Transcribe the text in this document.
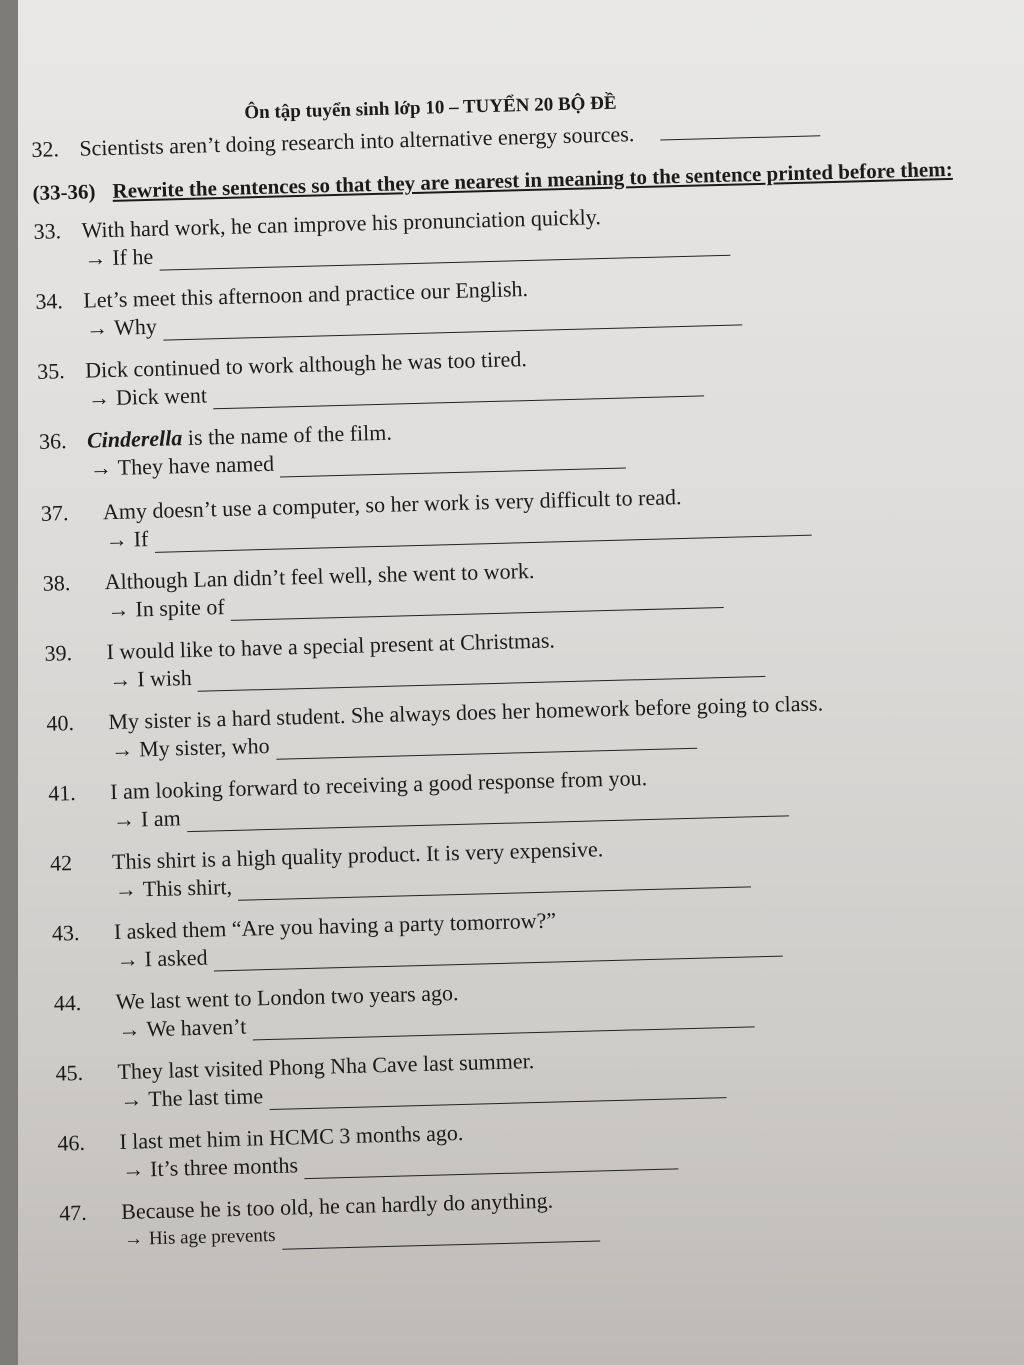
Ôn tập tuyển sinh lớp 10 – TUYỂN 20 BỘ ĐỀ
32. Scientists aren’t doing research into alternative energy sources.
(33-36) Rewrite the sentences so that they are nearest in meaning to the sentence printed before them:
33. With hard work, he can improve his pronunciation quickly.
→ If he
34. Let’s meet this afternoon and practice our English.
→ Why
35. Dick continued to work although he was too tired.
→ Dick went
36. Cinderella is the name of the film.
→ They have named
37.	Amy doesn’t use a computer, so her work is very difficult to read.
→ If
38.	Although Lan didn’t feel well, she went to work.
→ In spite of
39.	I would like to have a special present at Christmas.
→ I wish
40.	My sister is a hard student. She always does her homework before going to class.
→ My sister, who
41.	I am looking forward to receiving a good response from you.
→ I am
42	This shirt is a high quality product. It is very expensive.
→ This shirt,
43.	I asked them “Are you having a party tomorrow?”
→ I asked
44.	We last went to London two years ago.
→ We haven’t
45.	They last visited Phong Nha Cave last summer.
→ The last time
46.	I last met him in HCMC 3 months ago.
→ It’s three months
47.	Because he is too old, he can hardly do anything.
→ His age prevents
